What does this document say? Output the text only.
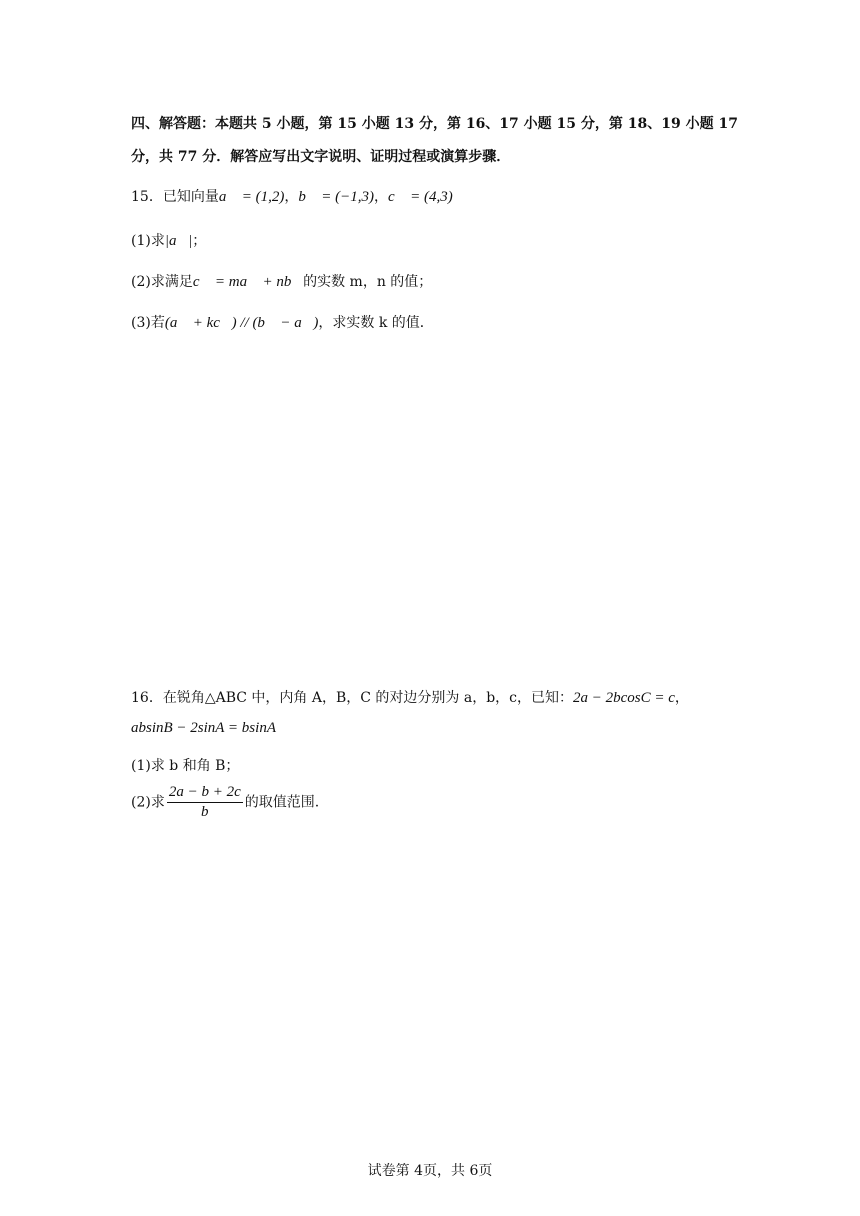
四、解答题：本题共 5 小题，第 15 小题 13 分，第 16、17 小题 15 分，第 18、19 小题 17
分，共 77 分．解答应写出文字说明、证明过程或演算步骤．
15．已知向量a⃗ = (1,2)，b⃗ = (−1,3)，c⃗ = (4,3)
(1)求|a⃗|；
(2)求满足c⃗ = ma⃗ + nb⃗的实数 m，n 的值；
(3)若(a⃗ + kc⃗) // (b⃗ − a⃗)，求实数 k 的值．
16．在锐角△ABC 中，内角 A，B，C 的对边分别为 a，b，c，已知：2a − 2bcosC = c，
absinB − 2sinA = bsinA
(1)求 b 和角 B；
(2)求 $\frac{2a - b + 2c}{b}$ 的取值范围.
试卷第 4页，共 6页
